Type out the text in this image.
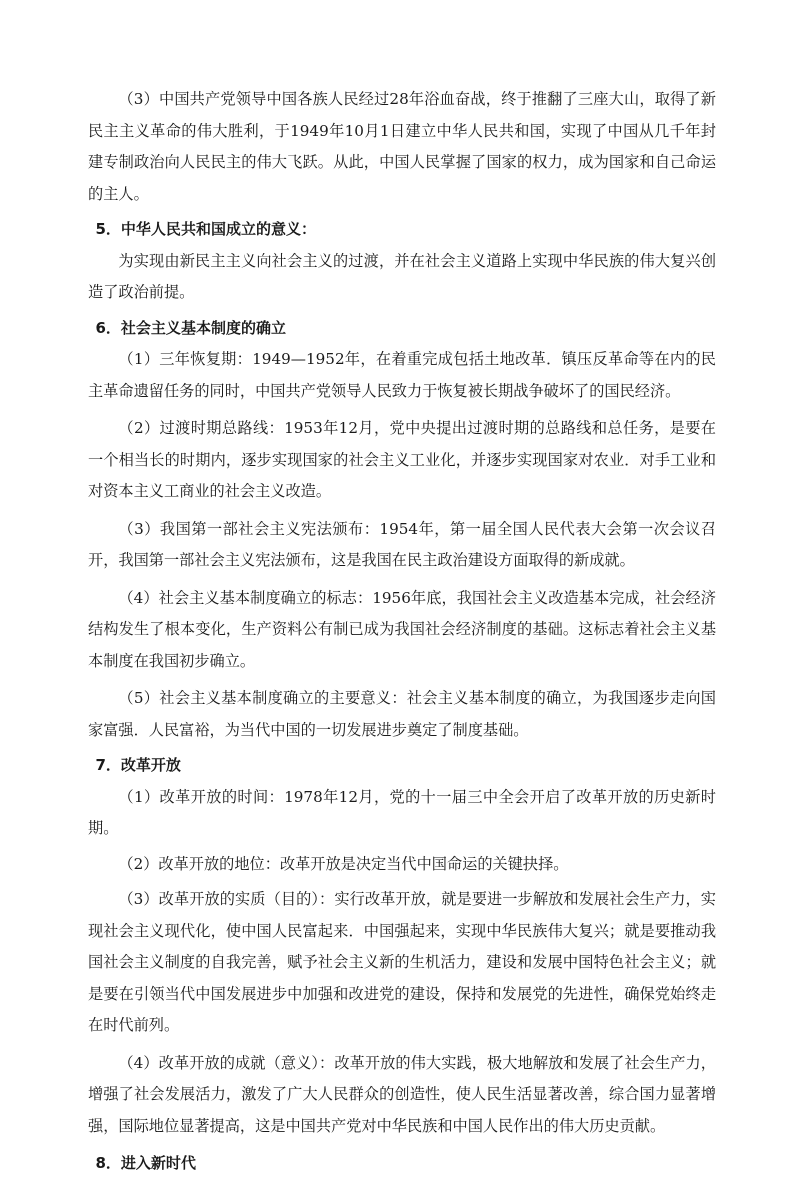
（3）中国共产党领导中国各族人民经过28年浴血奋战，终于推翻了三座大山，取得了新民主主义革命的伟大胜利，于1949年10月1日建立中华人民共和国，实现了中国从几千年封建专制政治向人民民主的伟大飞跃。从此，中国人民掌握了国家的权力，成为国家和自己命运的主人。

5．中华人民共和国成立的意义：

为实现由新民主主义向社会主义的过渡，并在社会主义道路上实现中华民族的伟大复兴创造了政治前提。

6．社会主义基本制度的确立

（1）三年恢复期：1949—1952年，在着重完成包括土地改革．镇压反革命等在内的民主革命遗留任务的同时，中国共产党领导人民致力于恢复被长期战争破坏了的国民经济。

（2）过渡时期总路线：1953年12月，党中央提出过渡时期的总路线和总任务，是要在一个相当长的时期内，逐步实现国家的社会主义工业化，并逐步实现国家对农业．对手工业和对资本主义工商业的社会主义改造。

（3）我国第一部社会主义宪法颁布：1954年，第一届全国人民代表大会第一次会议召开，我国第一部社会主义宪法颁布，这是我国在民主政治建设方面取得的新成就。

（4）社会主义基本制度确立的标志：1956年底，我国社会主义改造基本完成，社会经济结构发生了根本变化，生产资料公有制已成为我国社会经济制度的基础。这标志着社会主义基本制度在我国初步确立。

（5）社会主义基本制度确立的主要意义：社会主义基本制度的确立，为我国逐步走向国家富强．人民富裕，为当代中国的一切发展进步奠定了制度基础。

7．改革开放

（1）改革开放的时间：1978年12月，党的十一届三中全会开启了改革开放的历史新时期。

（2）改革开放的地位：改革开放是决定当代中国命运的关键抉择。

（3）改革开放的实质（目的）：实行改革开放，就是要进一步解放和发展社会生产力，实现社会主义现代化，使中国人民富起来．中国强起来，实现中华民族伟大复兴；就是要推动我国社会主义制度的自我完善，赋予社会主义新的生机活力，建设和发展中国特色社会主义；就是要在引领当代中国发展进步中加强和改进党的建设，保持和发展党的先进性，确保党始终走在时代前列。

（4）改革开放的成就（意义）：改革开放的伟大实践，极大地解放和发展了社会生产力，增强了社会发展活力，激发了广大人民群众的创造性，使人民生活显著改善，综合国力显著增强，国际地位显著提高，这是中国共产党对中华民族和中国人民作出的伟大历史贡献。

8．进入新时代
